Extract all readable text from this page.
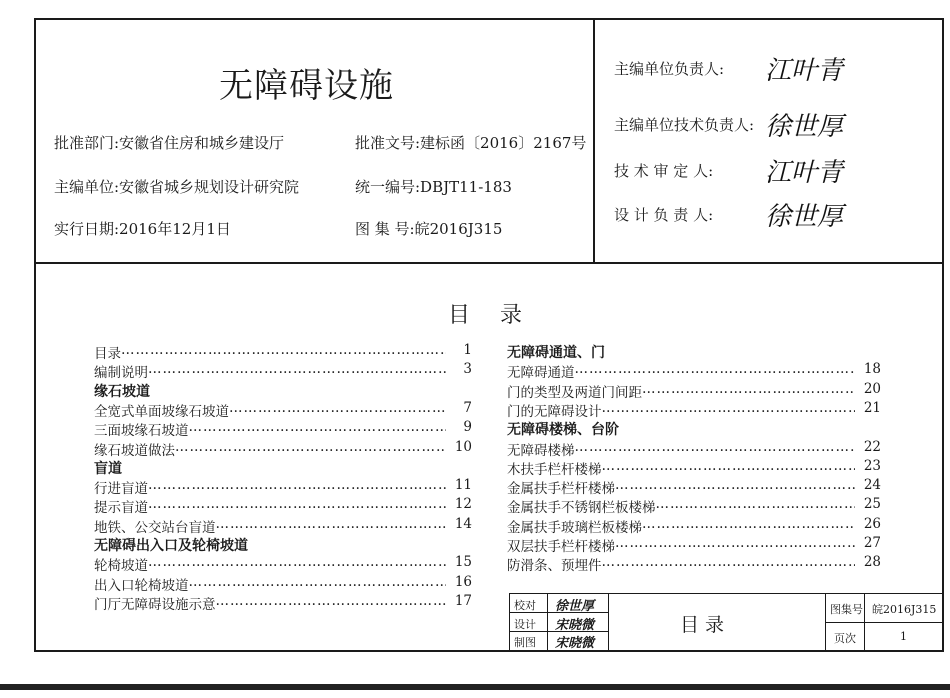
无障碍设施
批准部门:安徽省住房和城乡建设厅	批准文号:建标函〔2016〕2167号
主编单位:安徽省城乡规划设计研究院	统一编号:DBJT11-183
实行日期:2016年12月1日	图 集 号:皖2016J315
主编单位负责人: 江叶青
主编单位技术负责人: 徐世厚
技 术 审 定 人: 江叶青
设 计 负 责 人: 徐世厚
目 录
目录 …………………………………………………………………………………………………………	1
编制说明 …………………………………………………………………………………………………………	3
缘石坡道
全宽式单面坡缘石坡道 …………………………………………………………………………………………………………	7
三面坡缘石坡道 …………………………………………………………………………………………………………	9
缘石坡道做法 …………………………………………………………………………………………………………	10
盲道
行进盲道 …………………………………………………………………………………………………………	11
提示盲道 …………………………………………………………………………………………………………	12
地铁、公交站台盲道 …………………………………………………………………………………………………………	14
无障碍出入口及轮椅坡道
轮椅坡道 …………………………………………………………………………………………………………	15
出入口轮椅坡道 …………………………………………………………………………………………………………	16
门厅无障碍设施示意 …………………………………………………………………………………………………………	17
无障碍通道、门
无障碍通道 …………………………………………………………………………………………………………	18
门的类型及两道门间距 …………………………………………………………………………………………………………	20
门的无障碍设计 …………………………………………………………………………………………………………	21
无障碍楼梯、台阶
无障碍楼梯 …………………………………………………………………………………………………………	22
木扶手栏杆楼梯 …………………………………………………………………………………………………………	23
金属扶手栏杆楼梯 …………………………………………………………………………………………………………	24
金属扶手不锈钢栏板楼梯 …………………………………………………………………………………………………………	25
金属扶手玻璃栏板楼梯 …………………………………………………………………………………………………………	26
双层扶手栏杆楼梯 …………………………………………………………………………………………………………	27
防滑条、预埋件 …………………………………………………………………………………………………………	28
校对 徐世厚
设计 宋晓微
制图 宋晓微
目 录
图集号 皖2016J315
页次	1
